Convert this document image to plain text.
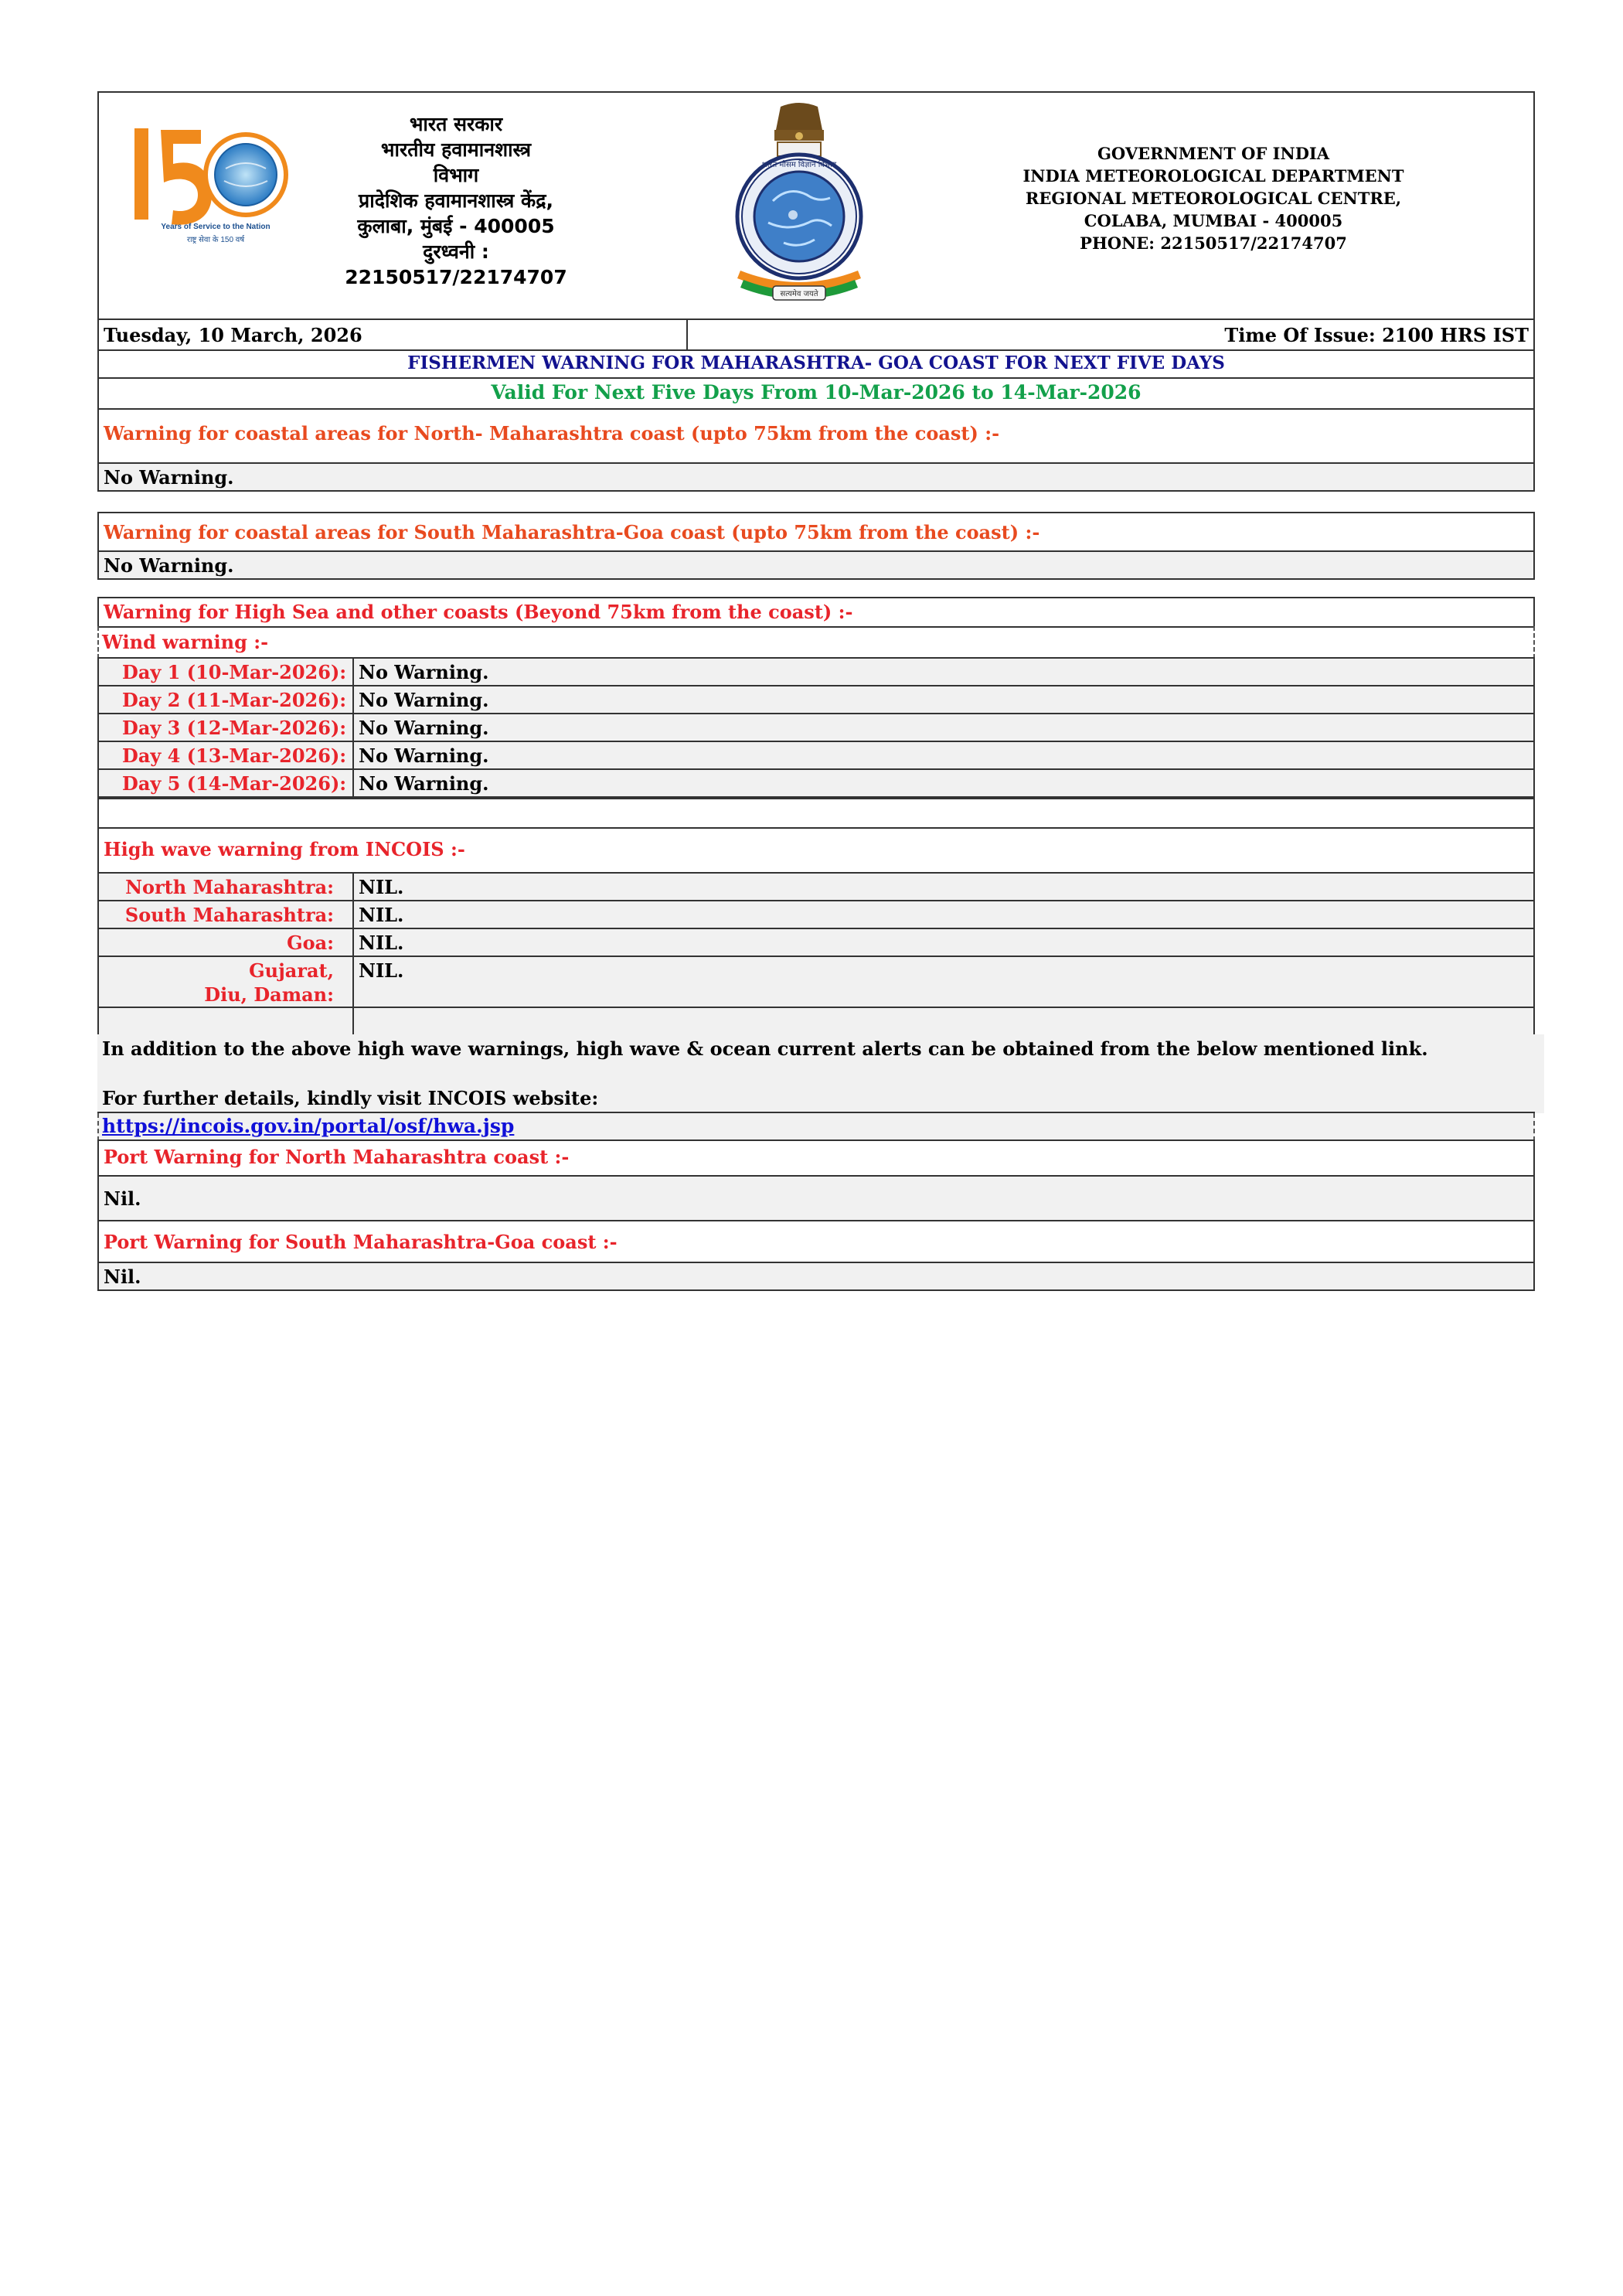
Years of Service to the Nation
राष्ट्र सेवा के 150 वर्ष
भारत सरकार
भारतीय हवामानशास्त्र
विभाग
प्रादेशिक हवामानशास्त्र केंद्र,
कुलाबा, मुंबई - 400005
दुरध्वनी :
22150517/22174707
सत्यमेव जयते
भारत मौसम विज्ञान विभाग
GOVERNMENT OF INDIA
INDIA METEOROLOGICAL DEPARTMENT
REGIONAL METEOROLOGICAL CENTRE,
COLABA, MUMBAI - 400005
PHONE: 22150517/22174707
Tuesday, 10 March, 2026	Time Of Issue: 2100 HRS IST
FISHERMEN WARNING FOR MAHARASHTRA- GOA COAST FOR NEXT FIVE DAYS
Valid For Next Five Days From 10-Mar-2026 to 14-Mar-2026
Warning for coastal areas for North- Maharashtra coast (upto 75km from the coast) :-
No Warning.
Warning for coastal areas for South Maharashtra-Goa coast (upto 75km from the coast) :-
No Warning.
Warning for High Sea and other coasts (Beyond 75km from the coast) :-
Wind warning :-
Day 1 (10-Mar-2026): No Warning.
Day 2 (11-Mar-2026): No Warning.
Day 3 (12-Mar-2026): No Warning.
Day 4 (13-Mar-2026): No Warning.
Day 5 (14-Mar-2026): No Warning.
High wave warning from INCOIS :-
North Maharashtra: NIL.
South Maharashtra: NIL.
Goa: NIL.
Gujarat,
Diu, Daman:
NIL.
In addition to the above high wave warnings, high wave & ocean current alerts can be obtained from the below mentioned link.
For further details, kindly visit INCOIS website:
https://incois.gov.in/portal/osf/hwa.jsp
Port Warning for North Maharashtra coast :-
Nil.
Port Warning for South Maharashtra-Goa coast :-
Nil.
